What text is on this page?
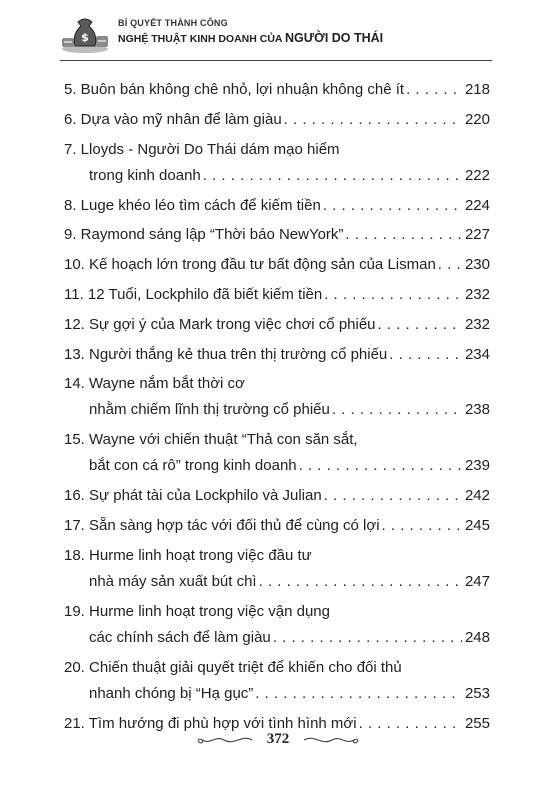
$
BÍ QUYẾT THÀNH CÔNG
NGHỆ THUẬT KINH DOANH CỦA NGƯỜI DO THÁI
5. Buôn bán không chê nhỏ, lợi nhuận không chê ít . . .	218
6. Dựa vào mỹ nhân để làm giàu . . .	220
7. Lloyds - Người Do Thái dám mạo hiểm
trong kinh doanh . . .	222
8. Luge khéo léo tìm cách để kiếm tiền . . .	224
9. Raymond sáng lập “Thời báo NewYork” . . .	227
10. Kế hoạch lớn trong đầu tư bất động sản của Lisman . . . 230
11. 12 Tuổi, Lockphilo đã biết kiếm tiền . . .	232
12. Sự gợi ý của Mark trong việc chơi cổ phiếu . . .	232
13. Người thắng kẻ thua trên thị trường cổ phiếu . . .	234
14. Wayne nắm bắt thời cơ
nhằm chiếm lĩnh thị trường cổ phiếu . . .	238
15. Wayne với chiến thuật “Thả con săn sắt,
bắt con cá rô” trong kinh doanh . . .	239
16. Sự phát tài của Lockphilo và Julian . . .	242
17. Sẵn sàng hợp tác với đối thủ để cùng có lợi . . .	245
18. Hurme linh hoạt trong việc đầu tư
nhà máy sản xuất bút chì . . .	247
19. Hurme linh hoạt trong việc vận dụng
các chính sách để làm giàu . . .	248
20. Chiến thuật giải quyết triệt để khiến cho đối thủ
nhanh chóng bị “Hạ gục” . . .	253
21. Tìm hướng đi phù hợp với tình hình mới . . .	255
372
